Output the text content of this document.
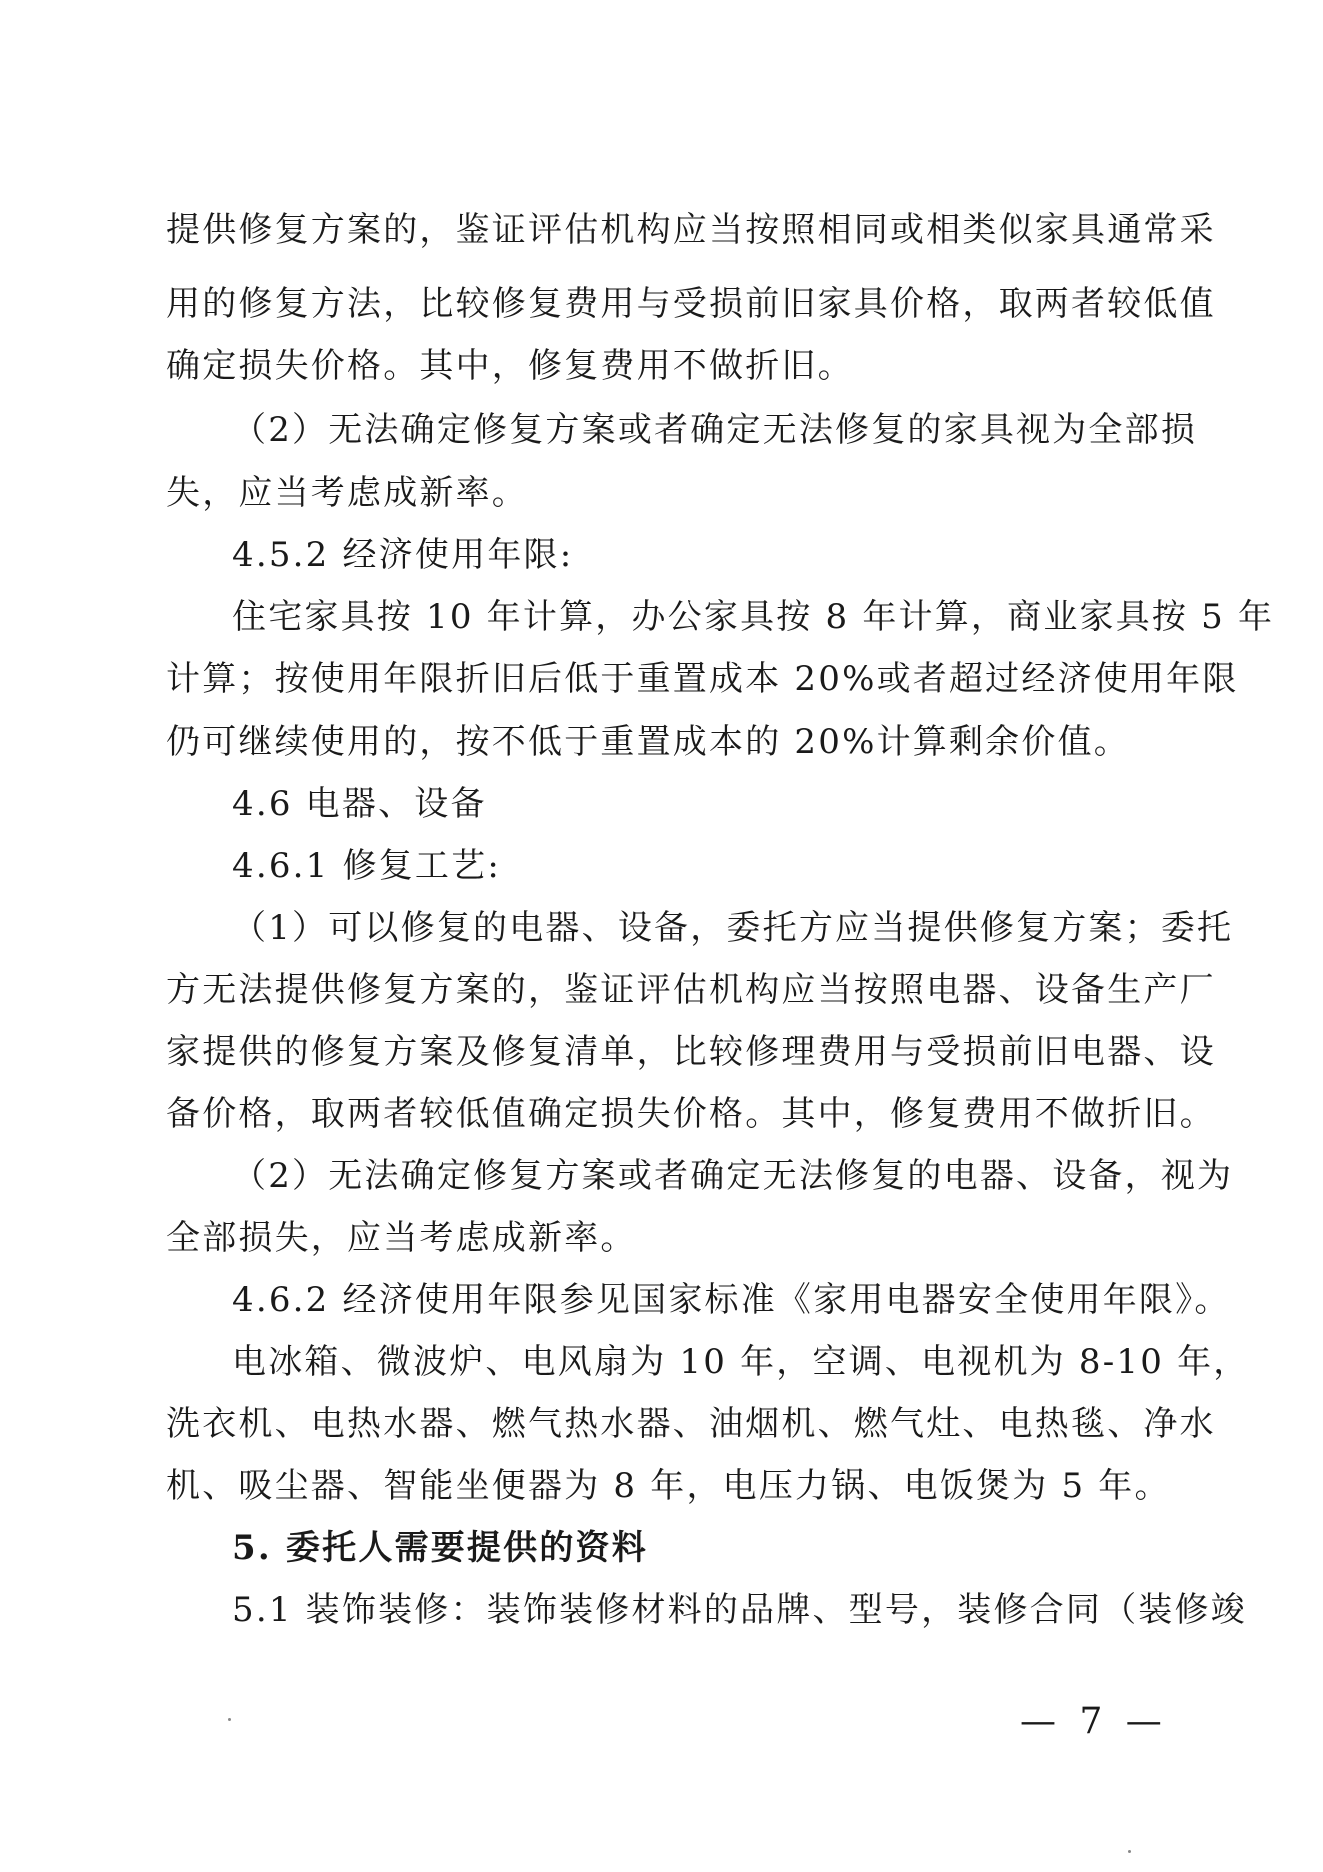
提供修复方案的，鉴证评估机构应当按照相同或相类似家具通常采
用的修复方法，比较修复费用与受损前旧家具价格，取两者较低值
确定损失价格。其中，修复费用不做折旧。
（2）无法确定修复方案或者确定无法修复的家具视为全部损
失，应当考虑成新率。
4.5.2 经济使用年限:
住宅家具按 10 年计算，办公家具按 8 年计算，商业家具按 5 年
计算；按使用年限折旧后低于重置成本 20%或者超过经济使用年限
仍可继续使用的，按不低于重置成本的 20%计算剩余价值。
4.6 电器、设备
4.6.1 修复工艺:
（1）可以修复的电器、设备，委托方应当提供修复方案；委托
方无法提供修复方案的，鉴证评估机构应当按照电器、设备生产厂
家提供的修复方案及修复清单，比较修理费用与受损前旧电器、设
备价格，取两者较低值确定损失价格。其中，修复费用不做折旧。
（2）无法确定修复方案或者确定无法修复的电器、设备，视为
全部损失，应当考虑成新率。
4.6.2 经济使用年限参见国家标准《家用电器安全使用年限》。
电冰箱、微波炉、电风扇为 10 年，空调、电视机为 8-10 年，
洗衣机、电热水器、燃气热水器、油烟机、燃气灶、电热毯、净水
机、吸尘器、智能坐便器为 8 年，电压力锅、电饭煲为 5 年。
5. 委托人需要提供的资料
5.1 装饰装修：装饰装修材料的品牌、型号，装修合同（装修竣
— 7 —
